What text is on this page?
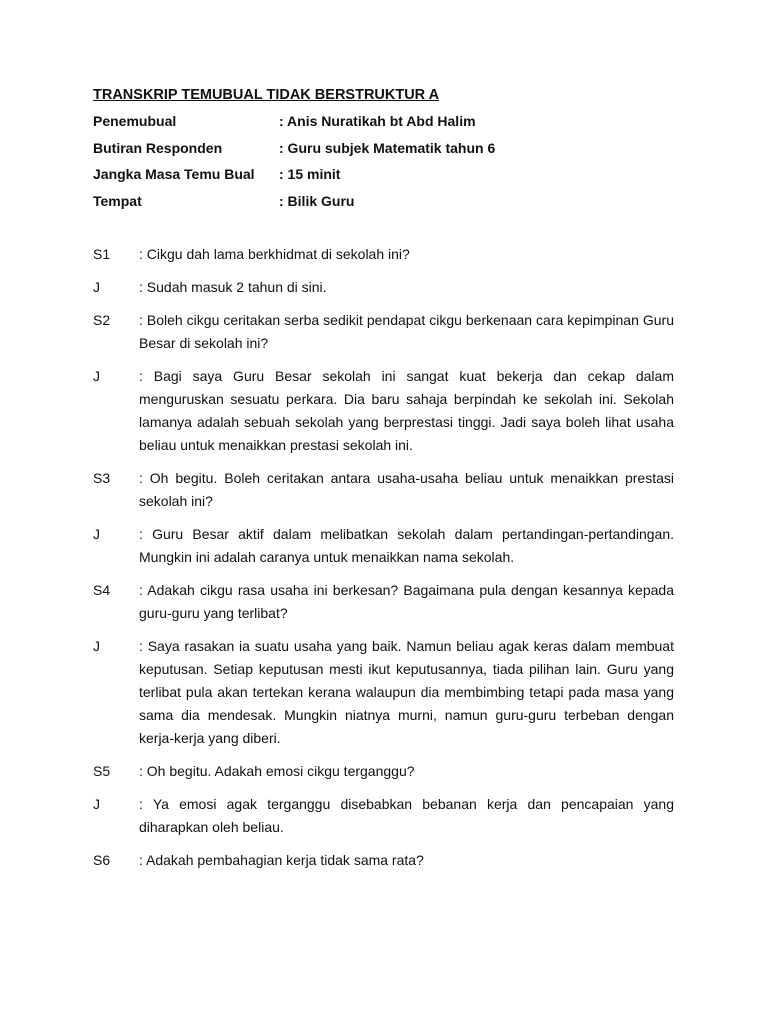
TRANSKRIP TEMUBUAL TIDAK BERSTRUKTUR A
Penemubual	: Anis Nuratikah bt Abd Halim
Butiran Responden	: Guru subjek Matematik tahun 6
Jangka Masa Temu Bual	: 15 minit
Tempat	: Bilik Guru
S1	: Cikgu dah lama berkhidmat di sekolah ini?
J	: Sudah masuk 2 tahun di sini.
S2	: Boleh cikgu ceritakan serba sedikit pendapat cikgu berkenaan cara kepimpinan Guru Besar di sekolah ini?
J	: Bagi saya Guru Besar sekolah ini sangat kuat bekerja dan cekap dalam menguruskan sesuatu perkara. Dia baru sahaja berpindah ke sekolah ini. Sekolah lamanya adalah sebuah sekolah yang berprestasi tinggi. Jadi saya boleh lihat usaha beliau untuk menaikkan prestasi sekolah ini.
S3	: Oh begitu. Boleh ceritakan antara usaha-usaha beliau untuk menaikkan prestasi sekolah ini?
J	: Guru Besar aktif dalam melibatkan sekolah dalam pertandingan-pertandingan. Mungkin ini adalah caranya untuk menaikkan nama sekolah.
S4	: Adakah cikgu rasa usaha ini berkesan? Bagaimana pula dengan kesannya kepada guru-guru yang terlibat?
J	: Saya rasakan ia suatu usaha yang baik. Namun beliau agak keras dalam membuat keputusan. Setiap keputusan mesti ikut keputusannya, tiada pilihan lain. Guru yang terlibat pula akan tertekan kerana walaupun dia membimbing tetapi pada masa yang sama dia mendesak. Mungkin niatnya murni, namun guru-guru terbeban dengan kerja-kerja yang diberi.
S5	: Oh begitu. Adakah emosi cikgu terganggu?
J	: Ya emosi agak terganggu disebabkan bebanan kerja dan pencapaian yang diharapkan oleh beliau.
S6	: Adakah pembahagian kerja tidak sama rata?
